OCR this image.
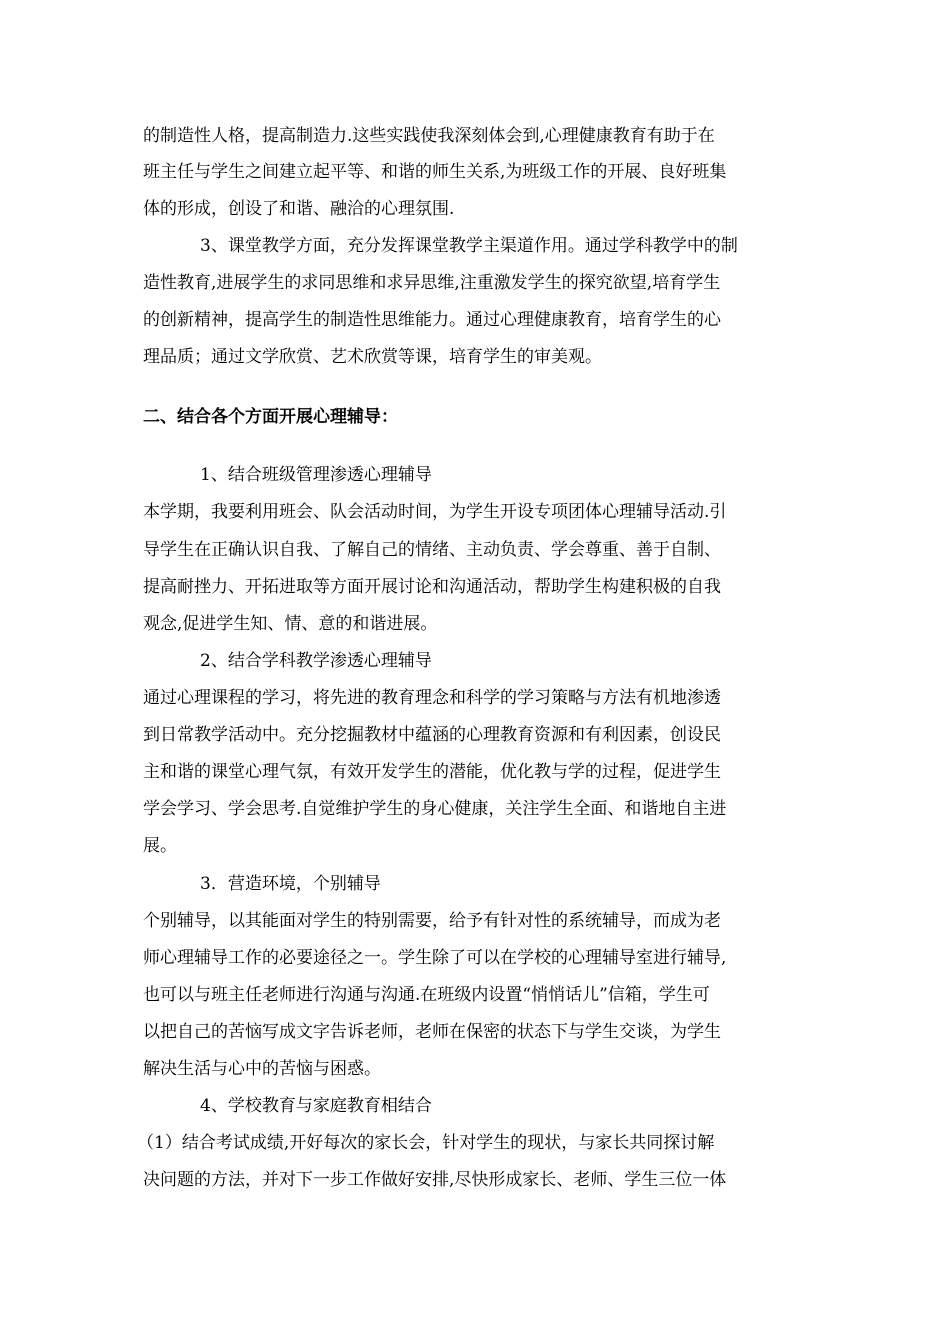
的制造性人格，提高制造力.这些实践使我深刻体会到,心理健康教育有助于在
班主任与学生之间建立起平等、和谐的师生关系,为班级工作的开展、良好班集
体的形成，创设了和谐、融洽的心理氛围.
3、课堂教学方面，充分发挥课堂教学主渠道作用。通过学科教学中的制
造性教育,进展学生的求同思维和求异思维,注重激发学生的探究欲望,培育学生
的创新精神，提高学生的制造性思维能力。通过心理健康教育，培育学生的心
理品质；通过文学欣赏、艺术欣赏等课，培育学生的审美观。
二、结合各个方面开展心理辅导：
1、结合班级管理渗透心理辅导
本学期，我要利用班会、队会活动时间，为学生开设专项团体心理辅导活动.引
导学生在正确认识自我、了解自己的情绪、主动负责、学会尊重、善于自制、
提高耐挫力、开拓进取等方面开展讨论和沟通活动，帮助学生构建积极的自我
观念,促进学生知、情、意的和谐进展。
2、结合学科教学渗透心理辅导
通过心理课程的学习，将先进的教育理念和科学的学习策略与方法有机地渗透
到日常教学活动中。充分挖掘教材中蕴涵的心理教育资源和有利因素，创设民
主和谐的课堂心理气氛，有效开发学生的潜能，优化教与学的过程，促进学生
学会学习、学会思考.自觉维护学生的身心健康，关注学生全面、和谐地自主进
展。
3．营造环境，个别辅导
个别辅导，以其能面对学生的特别需要，给予有针对性的系统辅导，而成为老
师心理辅导工作的必要途径之一。学生除了可以在学校的心理辅导室进行辅导,
也可以与班主任老师进行沟通与沟通.在班级内设置“悄悄话儿”信箱，学生可
以把自己的苦恼写成文字告诉老师，老师在保密的状态下与学生交谈，为学生
解决生活与心中的苦恼与困惑。
4、学校教育与家庭教育相结合
（1）结合考试成绩,开好每次的家长会，针对学生的现状，与家长共同探讨解
决问题的方法，并对下一步工作做好安排,尽快形成家长、老师、学生三位一体
